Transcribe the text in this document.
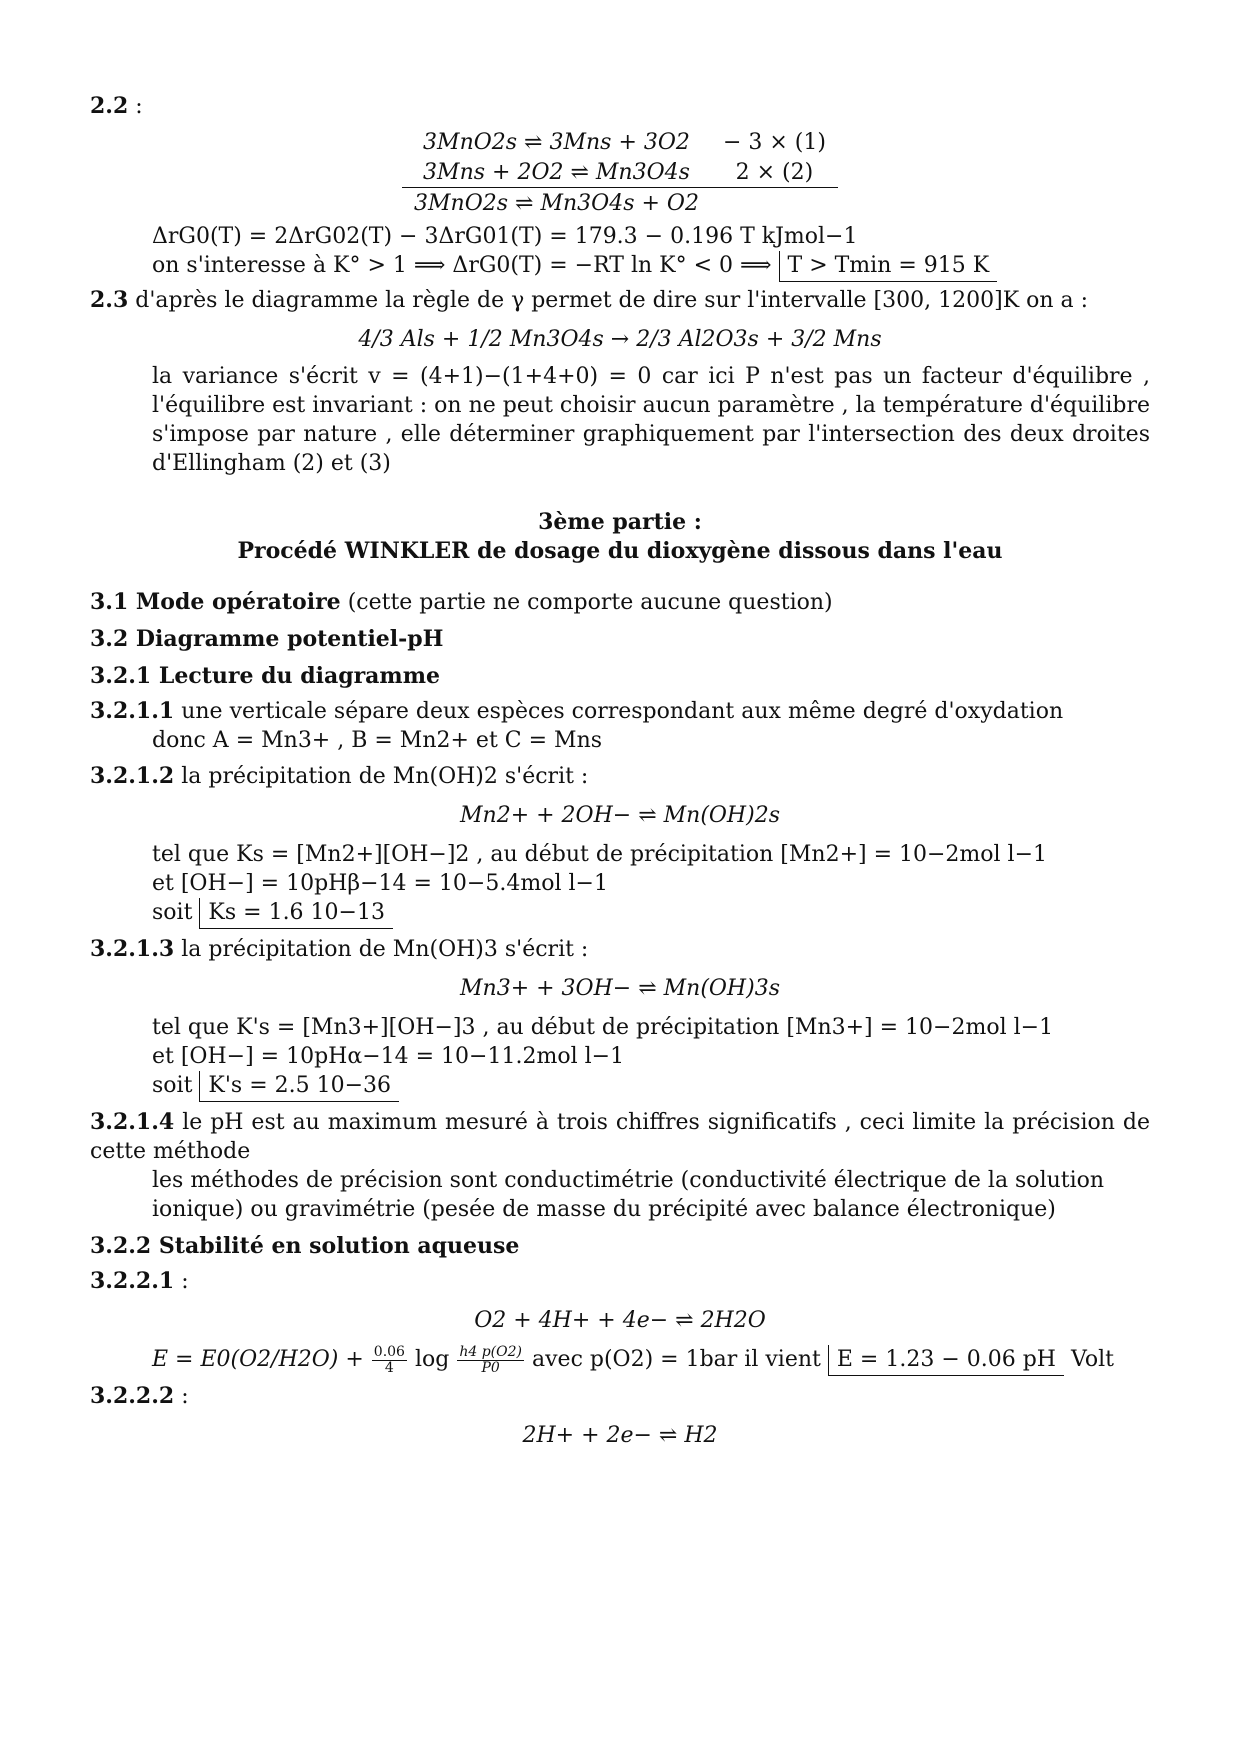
2.2 :
3MnO2s ⇌ 3Mns + 3O2	− 3 × (1)
3Mns + 2O2 ⇌ Mn3O4s	2 × (2)
3MnO2s ⇌ Mn3O4s + O2	
ΔrG0(T) = 2ΔrG02(T) − 3ΔrG01(T) = 179.3 − 0.196 T kJmol−1
on s'interesse à K° > 1 ⟹ ΔrG0(T) = −RT ln K° < 0 ⟹ T > Tmin = 915 K
2.3 d'après le diagramme la règle de γ permet de dire sur l'intervalle [300, 1200]K on a :
4/3 Als + 1/2 Mn3O4s → 2/3 Al2O3s + 3/2 Mns

la variance s'écrit v = (4+1)−(1+4+0) = 0 car ici P n'est pas un facteur d'équilibre , l'équilibre est invariant : on ne peut choisir aucun paramètre , la température d'équilibre s'impose par nature , elle déterminer graphiquement par l'intersection des deux droites d'Ellingham (2) et (3)

3ème partie :
Procédé WINKLER de dosage du dioxygène dissous dans l'eau
3.1 Mode opératoire (cette partie ne comporte aucune question)
3.2 Diagramme potentiel-pH
3.2.1 Lecture du diagramme
3.2.1.1 une verticale sépare deux espèces correspondant aux même degré d'oxydation
donc A = Mn3+ , B = Mn2+ et C = Mns
3.2.1.2 la précipitation de Mn(OH)2 s'écrit :
Mn2+ + 2OH− ⇌ Mn(OH)2s
tel que Ks = [Mn2+][OH−]2 , au début de précipitation [Mn2+] = 10−2mol l−1
et [OH−] = 10pHβ−14 = 10−5.4mol l−1
soit Ks = 1.6 10−13
3.2.1.3 la précipitation de Mn(OH)3 s'écrit :
Mn3+ + 3OH− ⇌ Mn(OH)3s
tel que K's = [Mn3+][OH−]3 , au début de précipitation [Mn3+] = 10−2mol l−1
et [OH−] = 10pHα−14 = 10−11.2mol l−1
soit K's = 2.5 10−36
3.2.1.4 le pH est au maximum mesuré à trois chiffres significatifs , ceci limite la précision de cette méthode

les méthodes de précision sont conductimétrie (conductivité électrique de la solution ionique) ou gravimétrie (pesée de masse du précipité avec balance électronique)

3.2.2 Stabilité en solution aqueuse
3.2.2.1 :
O2 + 4H+ + 4e− ⇌ 2H2O
$E = E0(O2/H2O) + \frac{0.06}{4}$ $\log \frac{h4 p(O2)}{P0}$ avec p(O2) = 1bar il vient E = 1.23 − 0.06 pH Volt
3.2.2.2 :
2H+ + 2e− ⇌ H2
